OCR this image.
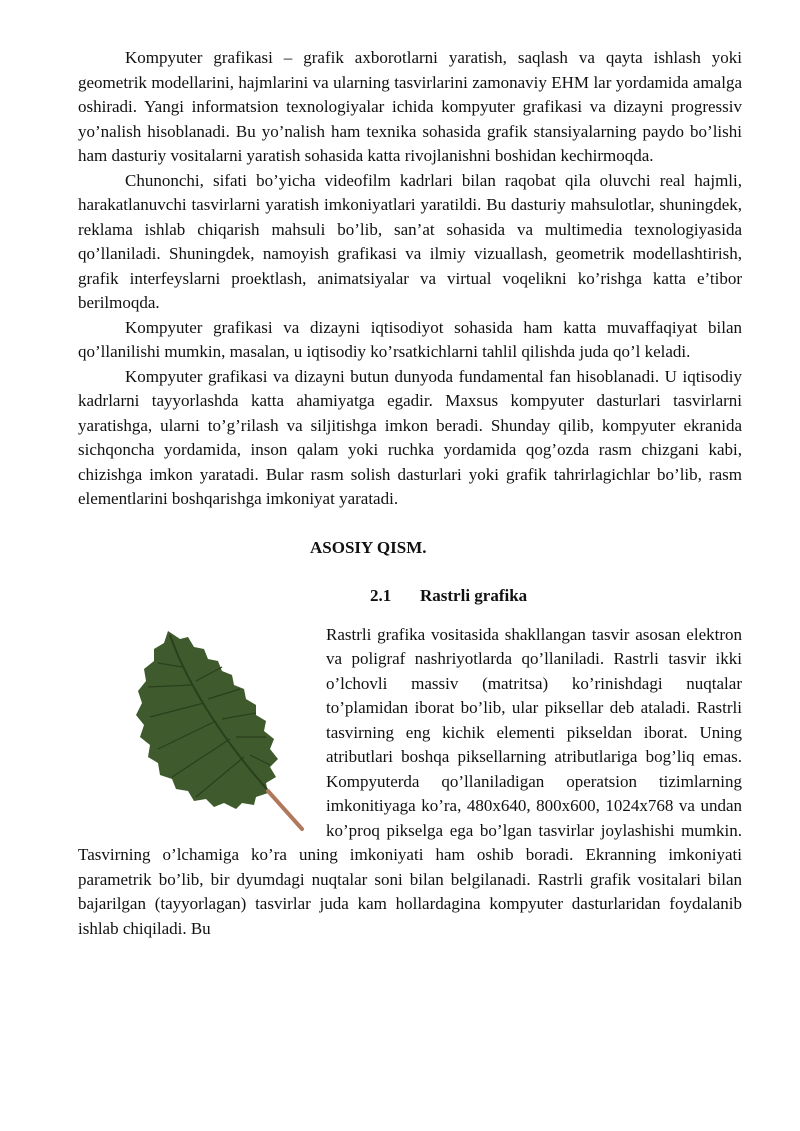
Kompyuter grafikasi – grafik axborotlarni yaratish, saqlash va qayta ishlash yoki geometrik modellarini, hajmlarini va ularning tasvirlarini zamonaviy EHM lar yordamida amalga oshiradi. Yangi informatsion texnologiyalar ichida kompyuter grafikasi va dizayni progressiv yo’nalish hisoblanadi. Bu yo’nalish ham texnika sohasida grafik stansiyalarning paydo bo’lishi ham dasturiy vositalarni yaratish sohasida katta rivojlanishni boshidan kechirmoqda.

Chunonchi, sifati bo’yicha videofilm kadrlari bilan raqobat qila oluvchi real hajmli, harakatlanuvchi tasvirlarni yaratish imkoniyatlari yaratildi. Bu dasturiy mahsulotlar, shuningdek, reklama ishlab chiqarish mahsuli bo’lib, san’at sohasida va multimedia texnologiyasida qo’llaniladi. Shuningdek, namoyish grafikasi va ilmiy vizuallash, geometrik modellashtirish, grafik interfeyslarni proektlash, animatsiyalar va virtual voqelikni ko’rishga katta e’tibor berilmoqda.

Kompyuter grafikasi va dizayni iqtisodiyot sohasida ham katta muvaffaqiyat bilan qo’llanilishi mumkin, masalan, u iqtisodiy ko’rsatkichlarni tahlil qilishda juda qo’l keladi.

Kompyuter grafikasi va dizayni butun dunyoda fundamental fan hisoblanadi. U iqtisodiy kadrlarni tayyorlashda katta ahamiyatga egadir. Maxsus kompyuter dasturlari tasvirlarni yaratishga, ularni to’g’rilash va siljitishga imkon beradi. Shunday qilib, kompyuter ekranida sichqoncha yordamida, inson qalam yoki ruchka yordamida qog’ozda rasm chizgani kabi, chizishga imkon yaratadi. Bular rasm solish dasturlari yoki grafik tahrirlagichlar bo’lib, rasm elementlarini boshqarishga imkoniyat yaratadi.

ASOSIY QISM.

2.1 Rastrli grafika

Rastrli grafika vositasida shakllangan tasvir asosan elektron va poligraf nashriyotlarda qo’llaniladi. Rastrli tasvir ikki o’lchovli massiv (matritsa) ko’rinishdagi nuqtalar to’plamidan iborat bo’lib, ular piksellar deb ataladi. Rastrli tasvirning eng kichik elementi pikseldan iborat. Uning atributlari boshqa piksellarning atributlariga bog’liq emas. Kompyuterda qo’llaniladigan operatsion tizimlarning imkonitiyaga ko’ra, 480x640, 800x600, 1024x768 va undan ko’proq pikselga ega bo’lgan tasvirlar joylashishi mumkin. Tasvirning o’lchamiga ko’ra uning imkoniyati ham oshib boradi. Ekranning imkoniyati parametrik bo’lib, bir dyumdagi nuqtalar soni bilan belgilanadi. Rastrli grafik vositalari bilan bajarilgan (tayyorlagan) tasvirlar juda kam hollardagina kompyuter dasturlaridan foydalanib ishlab chiqiladi. Bu
